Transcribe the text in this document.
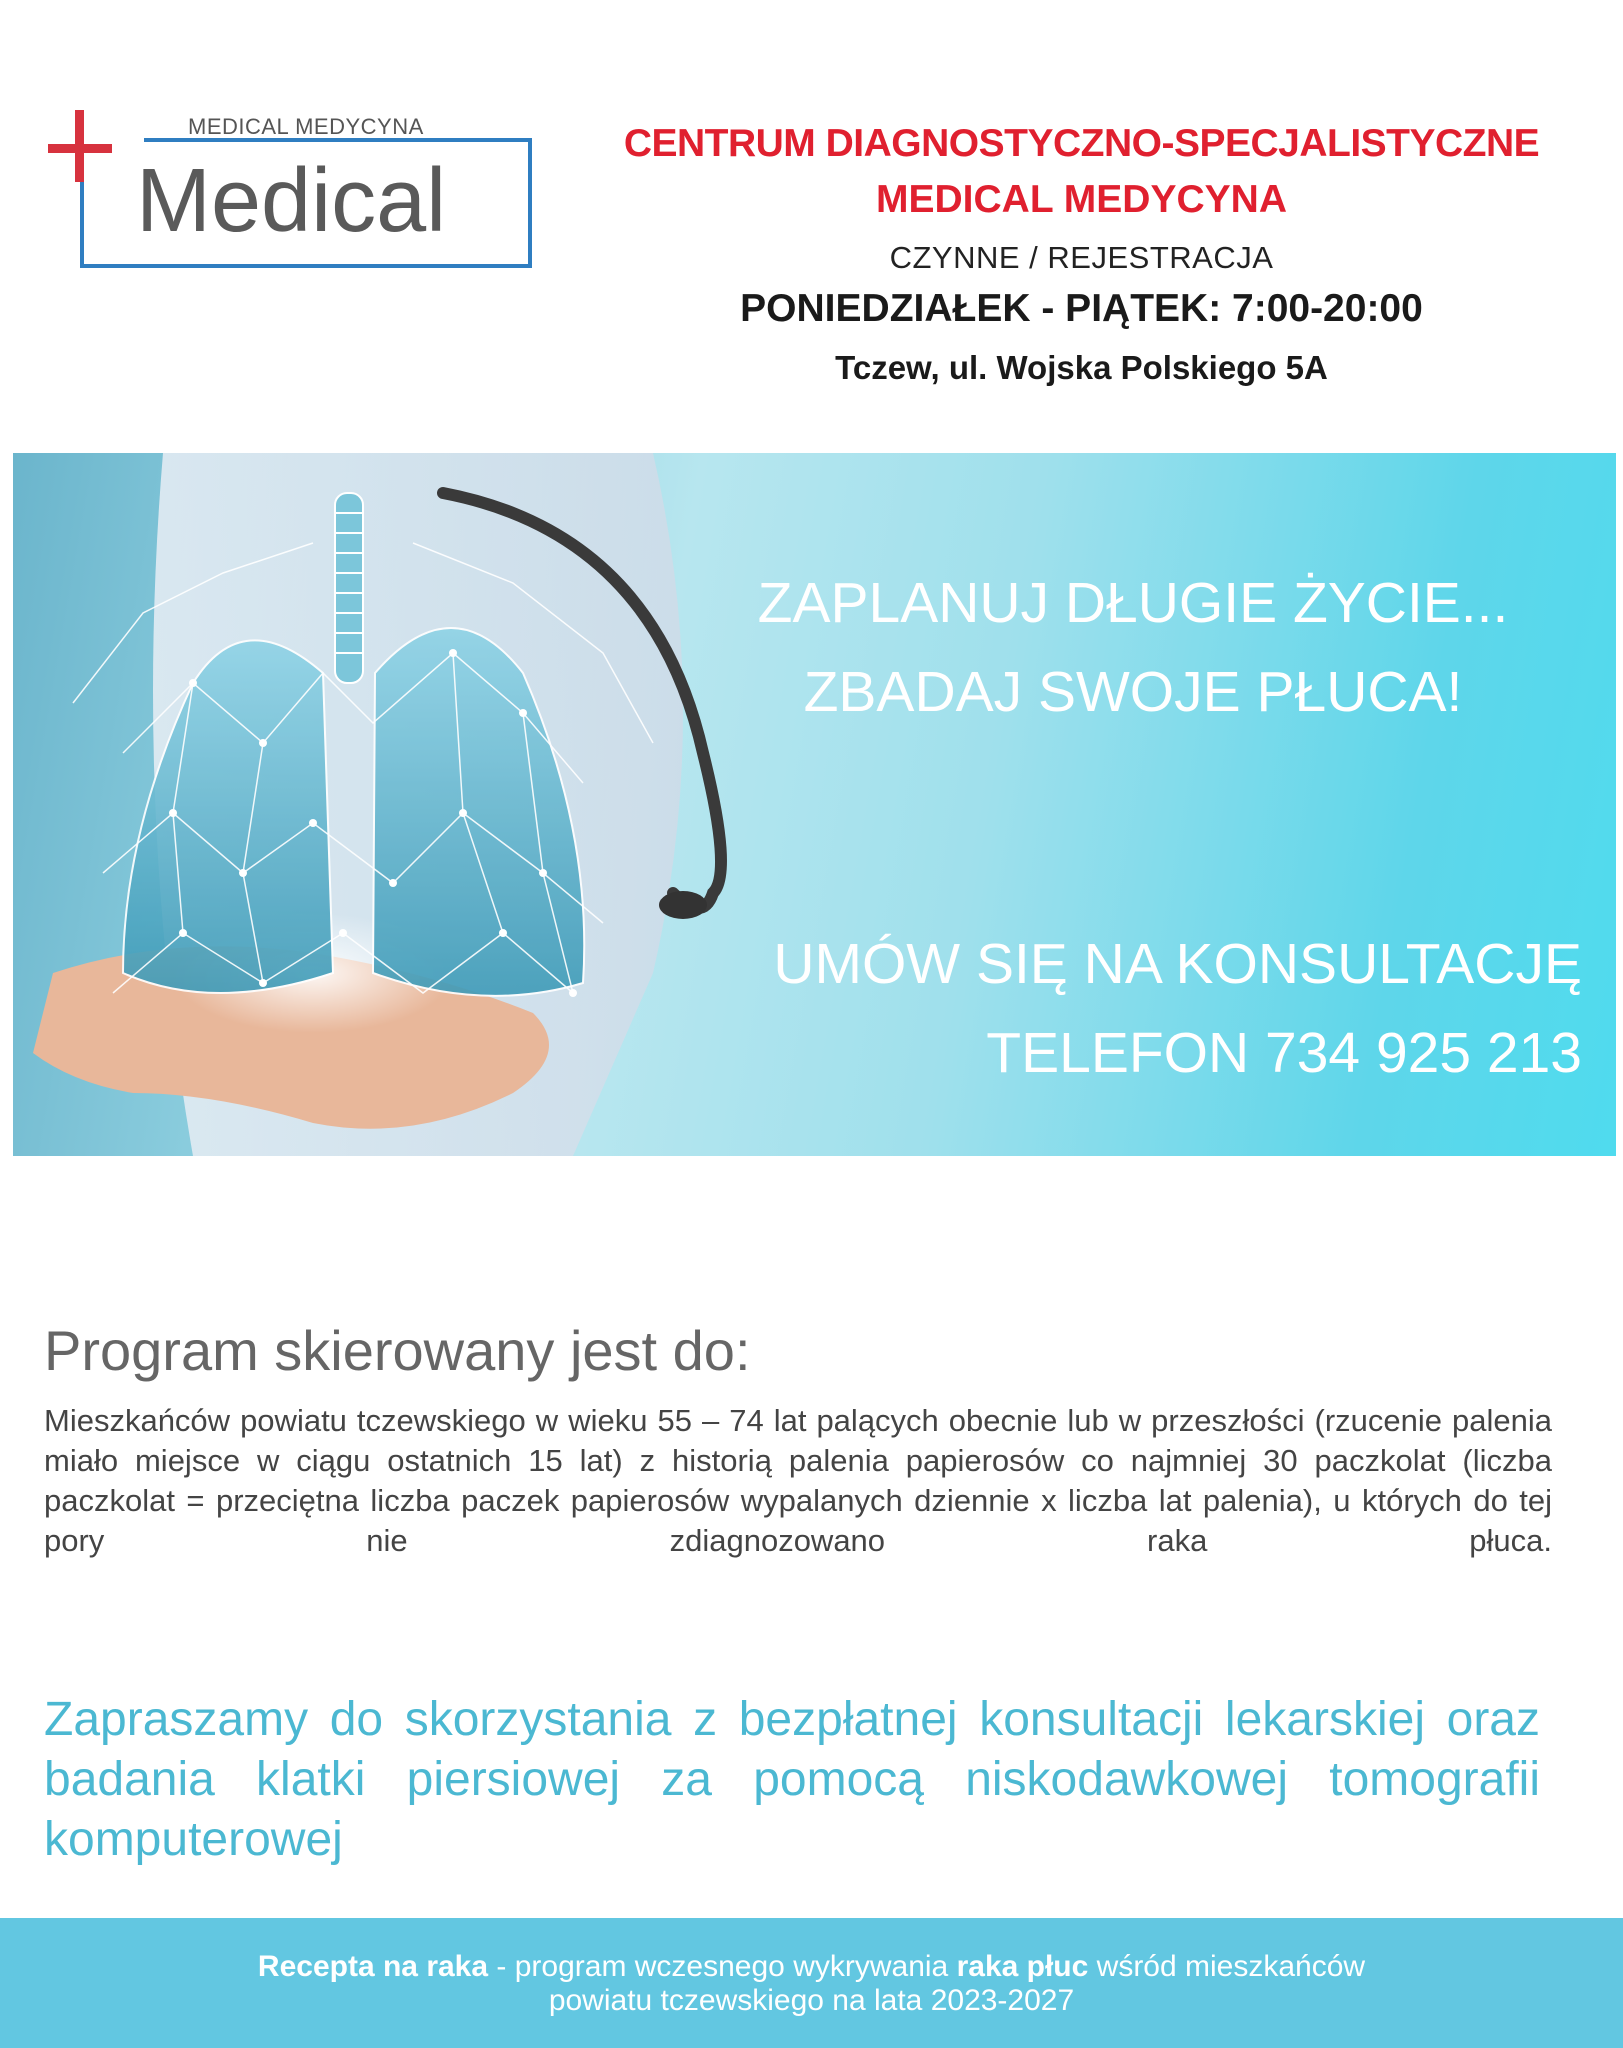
MEDICAL MEDYCYNA
Medical
CENTRUM DIAGNOSTYCZNO-SPECJALISTYCZNE
MEDICAL MEDYCYNA
CZYNNE / REJESTRACJA
PONIEDZIAŁEK - PIĄTEK: 7:00-20:00
Tczew, ul. Wojska Polskiego 5A
ZAPLANUJ DŁUGIE ŻYCIE...
ZBADAJ SWOJE PŁUCA!
UMÓW SIĘ NA KONSULTACJĘ
TELEFON 734 925 213
Program skierowany jest do:
Mieszkańców powiatu tczewskiego w wieku 55 – 74 lat palących obecnie lub w przeszłości (rzucenie palenia miało miejsce w ciągu ostatnich 15 lat) z historią palenia papierosów co najmniej 30 paczkolat (liczba paczkolat = przeciętna liczba paczek papierosów wypalanych dziennie x liczba lat palenia), u których do tej pory nie zdiagnozowano raka płuca.
Zapraszamy do skorzystania z bezpłatnej konsultacji lekarskiej oraz badania klatki piersiowej za pomocą niskodawkowej tomografii komputerowej
Recepta na raka - program wczesnego wykrywania raka płuc wśród mieszkańców
powiatu tczewskiego na lata 2023-2027
